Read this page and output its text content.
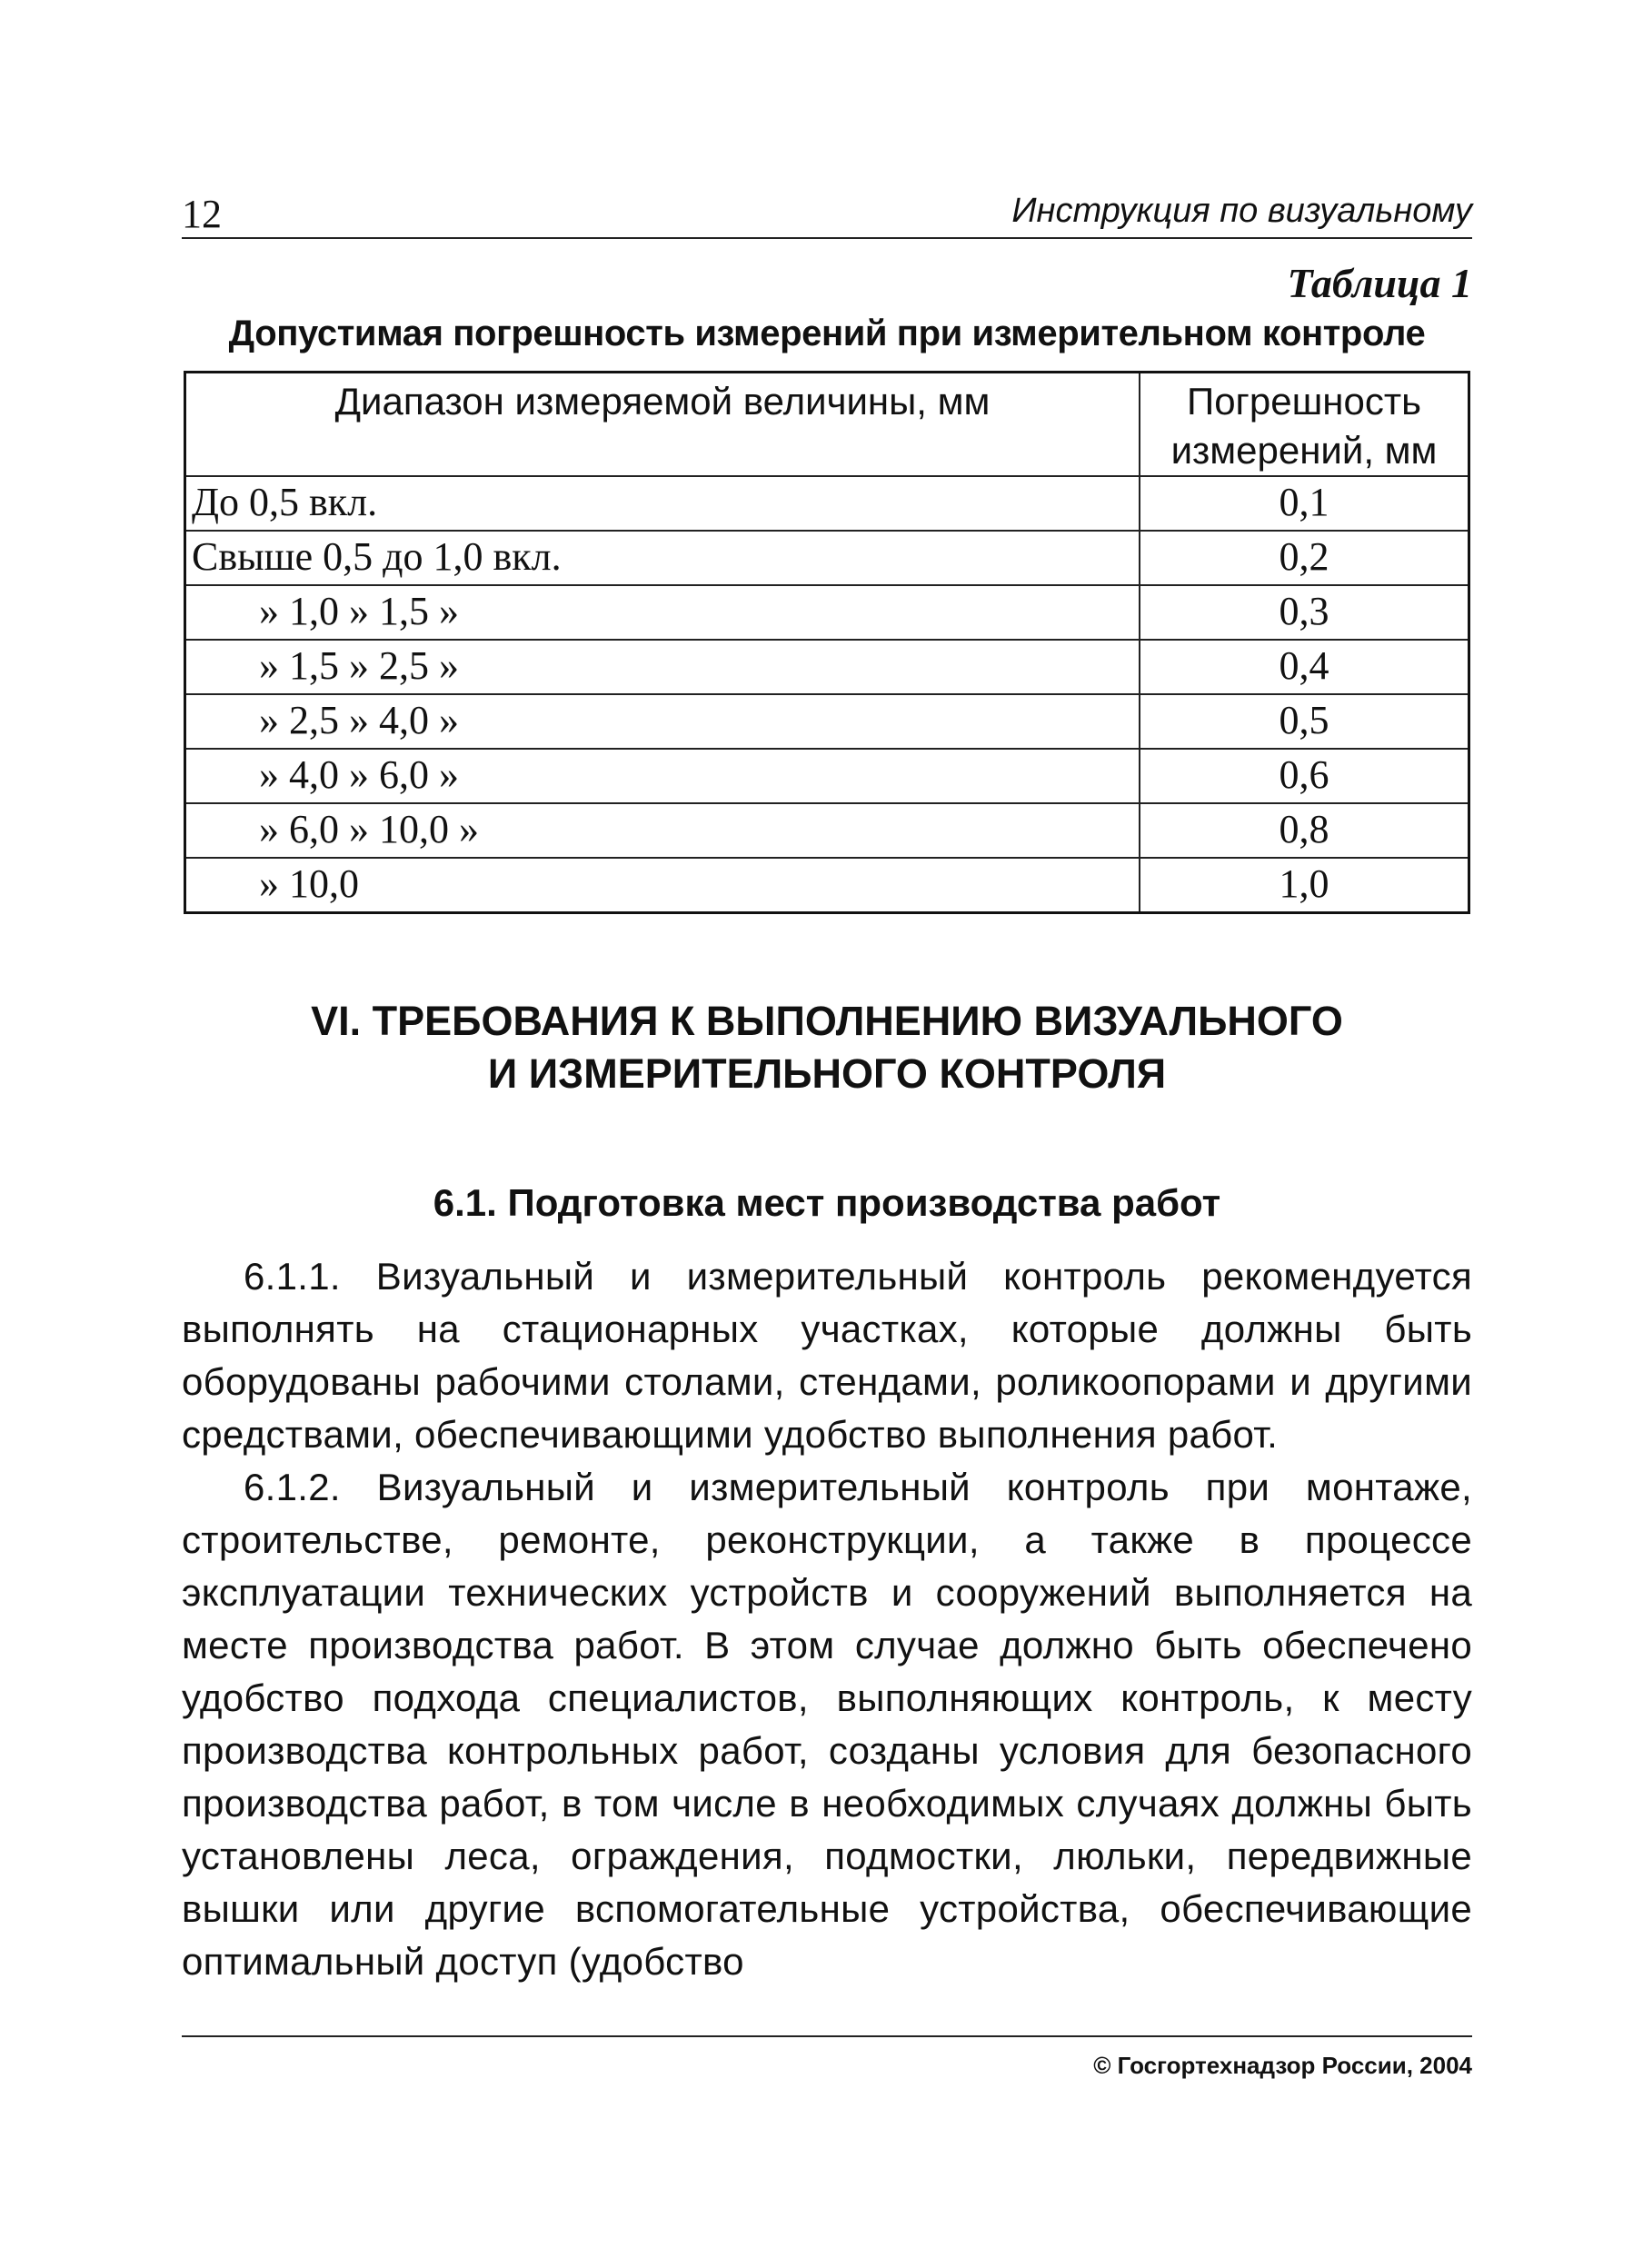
12	Инструкция по визуальному
Таблица 1
Допустимая погрешность измерений при измерительном контроле
Диапазон измеряемой величины, мм	Погрешность измерений, мм
До 0,5 вкл.	0,1
Свыше 0,5 до 1,0 вкл.	0,2
» 1,0 » 1,5 »	0,3
» 1,5 » 2,5 »	0,4
» 2,5 » 4,0 »	0,5
» 4,0 » 6,0 »	0,6
» 6,0 » 10,0 »	0,8
» 10,0	1,0
VI. ТРЕБОВАНИЯ К ВЫПОЛНЕНИЮ ВИЗУАЛЬНОГО
И ИЗМЕРИТЕЛЬНОГО КОНТРОЛЯ
6.1. Подготовка мест производства работ

6.1.1. Визуальный и измерительный контроль рекомендуется выполнять на стационарных участках, которые должны быть оборудованы рабочими столами, стендами, роликоопорами и другими средствами, обеспечивающими удобство выполнения работ.

6.1.2. Визуальный и измерительный контроль при монтаже, строительстве, ремонте, реконструкции, а также в процессе эксплуатации технических устройств и сооружений выполняется на месте производства работ. В этом случае должно быть обеспечено удобство подхода специалистов, выполняющих контроль, к месту производства контрольных работ, созданы условия для безопасного производства работ, в том числе в необходимых случаях должны быть установлены леса, ограждения, подмостки, люльки, передвижные вышки или другие вспомогательные устройства, обеспечивающие оптимальный доступ (удобство

© Госгортехнадзор России, 2004
